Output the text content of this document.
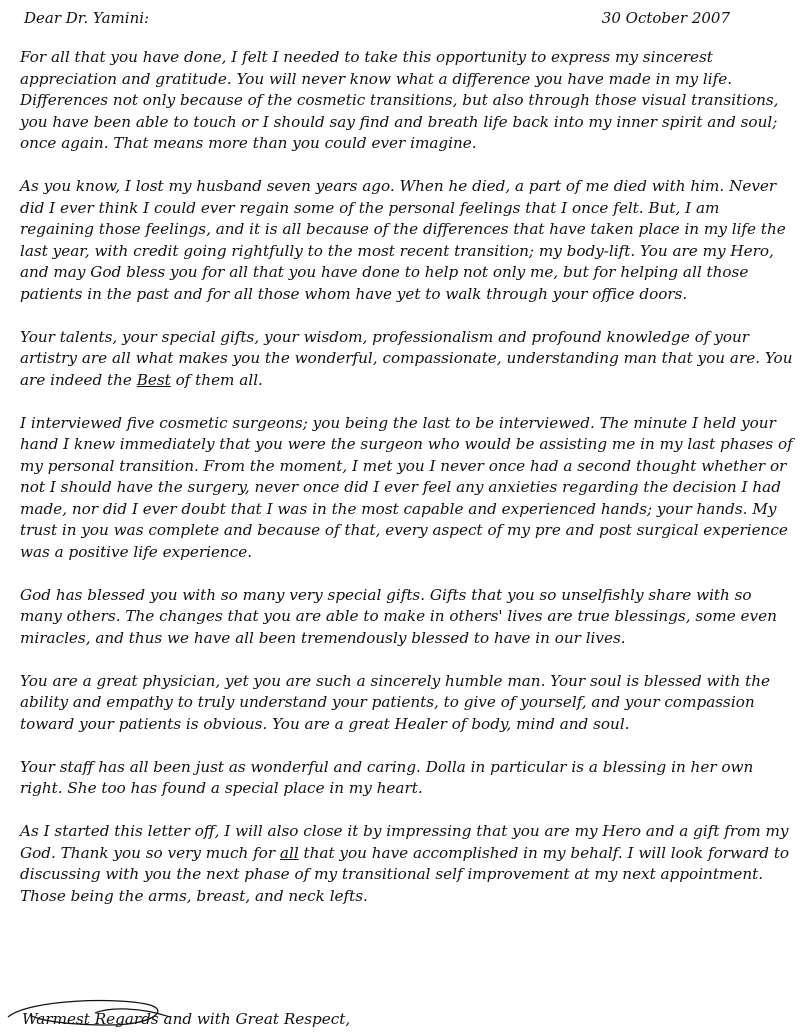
Dear Dr. Yamini:	30 October 2007

For all that you have done, I felt I needed to take this opportunity to express my sincerest appreciation and gratitude. You will never know what a difference you have made in my life. Differences not only because of the cosmetic transitions, but also through those visual transitions, you have been able to touch or I should say find and breath life back into my inner spirit and soul; once again. That means more than you could ever imagine.

As you know, I lost my husband seven years ago. When he died, a part of me died with him. Never did I ever think I could ever regain some of the personal feelings that I once felt. But, I am regaining those feelings, and it is all because of the differences that have taken place in my life the last year, with credit going rightfully to the most recent transition; my body-lift. You are my Hero, and may God bless you for all that you have done to help not only me, but for helping all those patients in the past and for all those whom have yet to walk through your office doors.

Your talents, your special gifts, your wisdom, professionalism and profound knowledge of your artistry are all what makes you the wonderful, compassionate, understanding man that you are. You are indeed the Best of them all.

I interviewed five cosmetic surgeons; you being the last to be interviewed. The minute I held your hand I knew immediately that you were the surgeon who would be assisting me in my last phases of my personal transition. From the moment, I met you I never once had a second thought whether or not I should have the surgery, never once did I ever feel any anxieties regarding the decision I had made, nor did I ever doubt that I was in the most capable and experienced hands; your hands. My trust in you was complete and because of that, every aspect of my pre and post surgical experience was a positive life experience.

God has blessed you with so many very special gifts. Gifts that you so unselfishly share with so many others. The changes that you are able to make in others' lives are true blessings, some even miracles, and thus we have all been tremendously blessed to have in our lives.

You are a great physician, yet you are such a sincerely humble man. Your soul is blessed with the ability and empathy to truly understand your patients, to give of yourself, and your compassion toward your patients is obvious. You are a great Healer of body, mind and soul.

Your staff has all been just as wonderful and caring. Dolla in particular is a blessing in her own right. She too has found a special place in my heart.

As I started this letter off, I will also close it by impressing that you are my Hero and a gift from my God. Thank you so very much for all that you have accomplished in my behalf. I will look forward to discussing with you the next phase of my transitional self improvement at my next appointment. Those being the arms, breast, and neck lefts.

Warmest Regards and with Great Respect,
